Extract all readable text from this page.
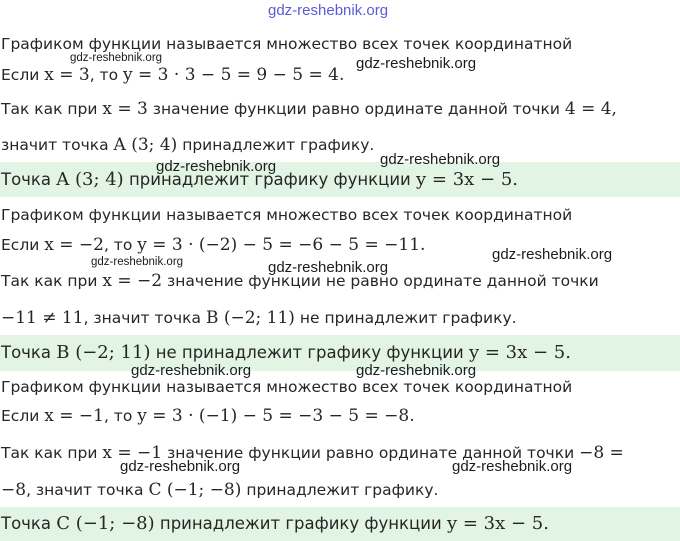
gdz-reshebnik.org
Графиком функции называется множество всех точек координатной
Если x = 3, то y = 3 · 3 − 5 = 9 − 5 = 4.
Так как при x = 3 значение функции равно ординате данной точки 4 = 4,
значит точка A (3; 4) принадлежит графику.
Точка A (3; 4) принадлежит графику функции y = 3x − 5.
Графиком функции называется множество всех точек координатной
Если x = −2, то y = 3 · (−2) − 5 = −6 − 5 = −11.
Так как при x = −2 значение функции не равно ординате данной точки
−11 ≠ 11, значит точка B (−2; 11) не принадлежит графику.
Точка B (−2; 11) не принадлежит графику функции y = 3x − 5.
Графиком функции называется множество всех точек координатной
Если x = −1, то y = 3 · (−1) − 5 = −3 − 5 = −8.
Так как при x = −1 значение функции равно ординате данной точки −8 =
−8, значит точка C (−1; −8) принадлежит графику.
Точка C (−1; −8) принадлежит графику функции y = 3x − 5.
gdz-reshebnik.org	gdz-reshebnik.org
gdz-reshebnik.org	gdz-reshebnik.org
gdz-reshebnik.org
gdz-reshebnik.org	gdz-reshebnik.org
gdz-reshebnik.org	gdz-reshebnik.org
gdz-reshebnik.org	gdz-reshebnik.org
